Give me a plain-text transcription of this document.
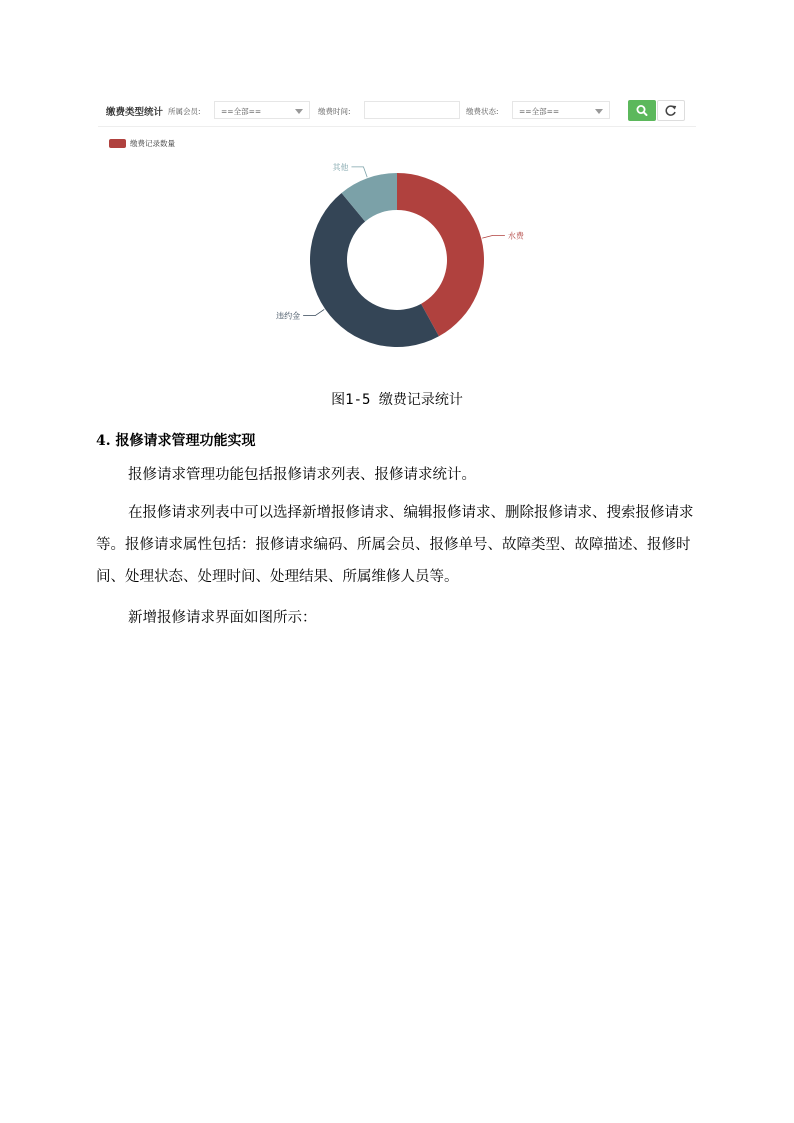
缴费类型统计 所属会员:	==全部==	缴费时间:	缴费状态:	==全部==
缴费记录数量
水费
违约金
其他
图1-5 缴费记录统计
4. 报修请求管理功能实现
报修请求管理功能包括报修请求列表、报修请求统计。
在报修请求列表中可以选择新增报修请求、编辑报修请求、删除报修请求、搜索报修请求等。报修请求属性包括：报修请求编码、所属会员、报修单号、故障类型、故障描述、报修时间、处理状态、处理时间、处理结果、所属维修人员等。
新增报修请求界面如图所示：
